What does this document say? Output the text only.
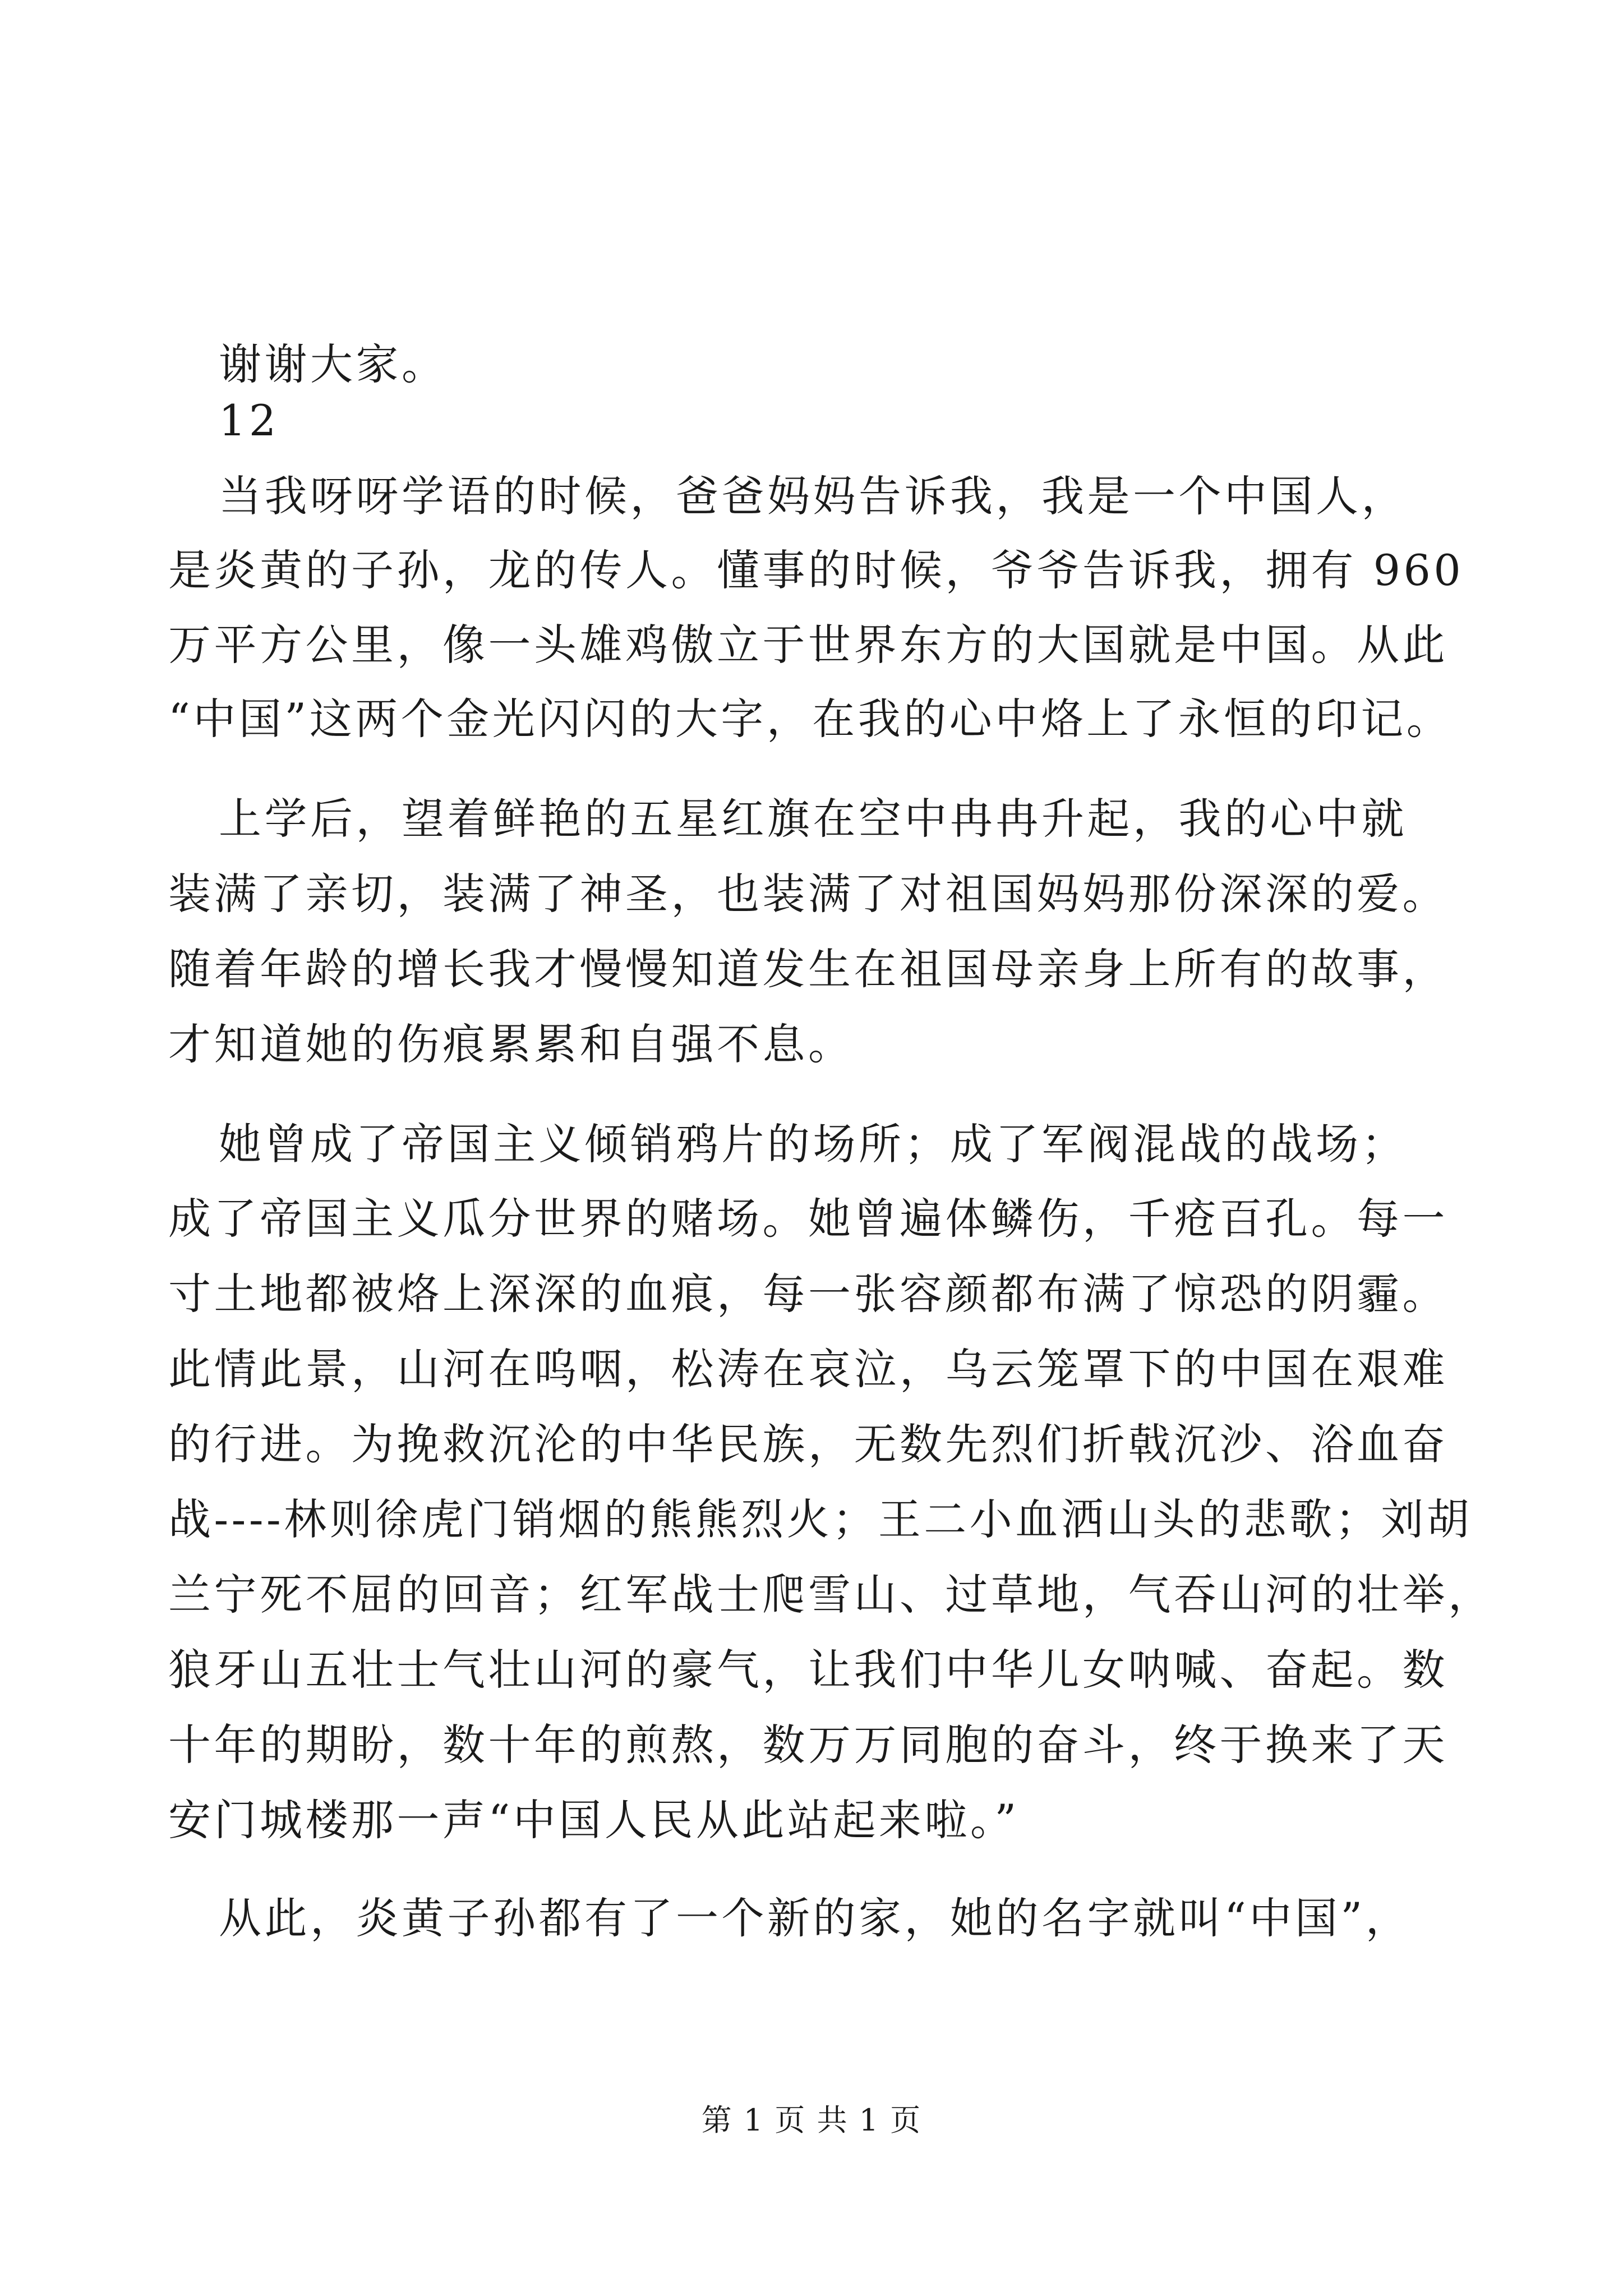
谢谢大家。
12
当我呀呀学语的时候，爸爸妈妈告诉我，我是一个中国人，
是炎黄的子孙，龙的传人。懂事的时候，爷爷告诉我，拥有 960
万平方公里，像一头雄鸡傲立于世界东方的大国就是中国。从此
“中国”这两个金光闪闪的大字，在我的心中烙上了永恒的印记。
上学后，望着鲜艳的五星红旗在空中冉冉升起，我的心中就
装满了亲切，装满了神圣，也装满了对祖国妈妈那份深深的爱。
随着年龄的增长我才慢慢知道发生在祖国母亲身上所有的故事，
才知道她的伤痕累累和自强不息。
她曾成了帝国主义倾销鸦片的场所；成了军阀混战的战场；
成了帝国主义瓜分世界的赌场。她曾遍体鳞伤，千疮百孔。每一
寸土地都被烙上深深的血痕，每一张容颜都布满了惊恐的阴霾。
此情此景，山河在呜咽，松涛在哀泣，乌云笼罩下的中国在艰难
的行进。为挽救沉沦的中华民族，无数先烈们折戟沉沙、浴血奋
战----林则徐虎门销烟的熊熊烈火；王二小血洒山头的悲歌；刘胡
兰宁死不屈的回音；红军战士爬雪山、过草地，气吞山河的壮举，
狼牙山五壮士气壮山河的豪气，让我们中华儿女呐喊、奋起。数
十年的期盼，数十年的煎熬，数万万同胞的奋斗，终于换来了天
安门城楼那一声“中国人民从此站起来啦。”
从此，炎黄子孙都有了一个新的家，她的名字就叫“中国”，
第 1 页 共 1 页
